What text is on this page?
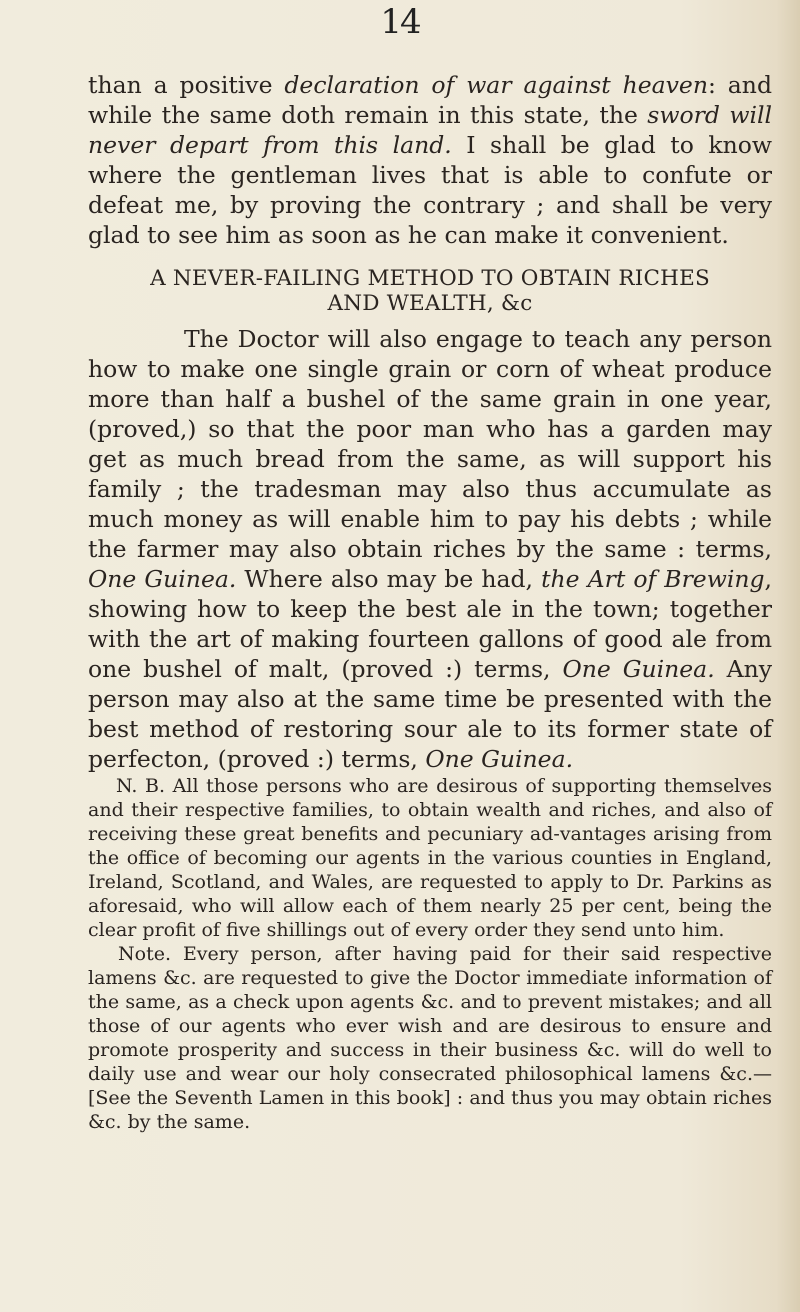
14

than a positive declaration of war against heaven: and while the same doth remain in this state, the sword will never depart from this land. I shall be glad to know where the gentleman lives that is able to confute or defeat me, by proving the contrary ; and shall be very glad to see him as soon as he can make it convenient.

A NEVER-FAILING METHOD TO OBTAIN RICHES
AND WEALTH, &c

The Doctor will also engage to teach any person how to make one single grain or corn of wheat produce more than half a bushel of the same grain in one year, (proved,) so that the poor man who has a garden may get as much bread from the same, as will support his family ; the tradesman may also thus accumulate as much money as will enable him to pay his debts ; while the farmer may also obtain riches by the same : terms, One Guinea. Where also may be had, the Art of Brewing, showing how to keep the best ale in the town; together with the art of making fourteen gallons of good ale from one bushel of malt, (proved :) terms, One Guinea. Any person may also at the same time be presented with the best method of restoring sour ale to its former state of perfecton, (proved :) terms, One Guinea.

N. B. All those persons who are desirous of supporting themselves and their respective families, to obtain wealth and riches, and also of receiving these great benefits and pecuniary ad-vantages arising from the office of becoming our agents in the various counties in England, Ireland, Scotland, and Wales, are requested to apply to Dr. Parkins as aforesaid, who will allow each of them nearly 25 per cent, being the clear profit of five shillings out of every order they send unto him.

Note. Every person, after having paid for their said respective lamens &c. are requested to give the Doctor immediate information of the same, as a check upon agents &c. and to prevent mistakes; and all those of our agents who ever wish and are desirous to ensure and promote prosperity and success in their business &c. will do well to daily use and wear our holy consecrated philosophical lamens &c.— [See the Seventh Lamen in this book] : and thus you may obtain riches &c. by the same.
